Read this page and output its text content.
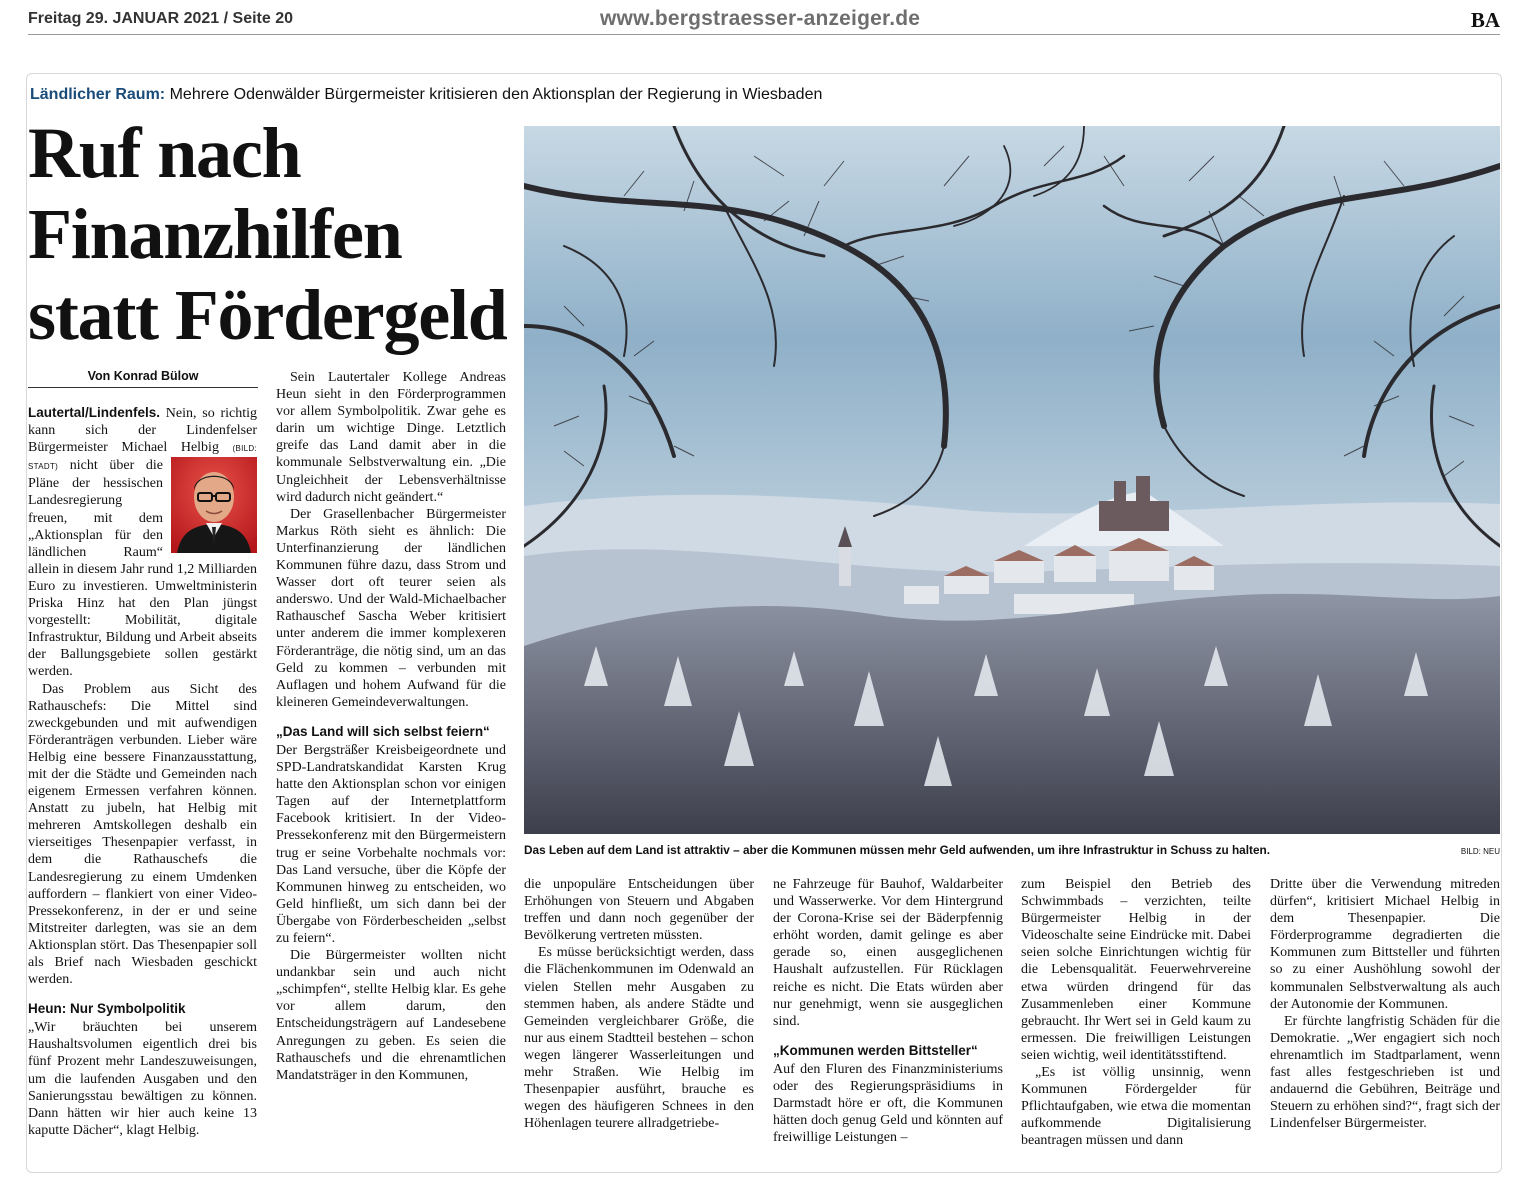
Freitag 29. JANUAR 2021 / Seite 20	www.bergstraesser-anzeiger.de	BA
Ländlicher Raum: Mehrere Odenwälder Bürgermeister kritisieren den Aktionsplan der Regierung in Wiesbaden
Ruf nach
Finanzhilfen
statt Fördergeld
Von Konrad Bülow

Lautertal/Lindenfels. Nein, so richtig kann sich der Lindenfelser Bürgermeister Michael Helbig (BILD: STADT) nicht über die Pläne der hessischen Landesregierung freuen, mit dem „Aktionsplan für den ländlichen Raum“ allein in diesem Jahr rund 1,2 Milliarden Euro zu investieren. Umweltministerin Priska Hinz hat den Plan jüngst vorgestellt: Mobilität, digitale Infrastruktur, Bildung und Arbeit abseits der Ballungsgebiete sollen gestärkt werden.

Das Problem aus Sicht des Rathauschefs: Die Mittel sind zweckgebunden und mit aufwendigen Förderanträgen verbunden. Lieber wäre Helbig eine bessere Finanzausstattung, mit der die Städte und Gemeinden nach eigenem Ermessen verfahren können. Anstatt zu jubeln, hat Helbig mit mehreren Amtskollegen deshalb ein vierseitiges Thesenpapier verfasst, in dem die Rathauschefs die Landesregierung zu einem Umdenken auffordern – flankiert von einer Video-Pressekonferenz, in der er und seine Mitstreiter darlegten, was sie an dem Aktionsplan stört. Das Thesenpapier soll als Brief nach Wiesbaden geschickt werden.

Heun: Nur Symbolpolitik

„Wir bräuchten bei unserem Haushaltsvolumen eigentlich drei bis fünf Prozent mehr Landeszuweisungen, um die laufenden Ausgaben und den Sanierungsstau bewältigen zu können. Dann hätten wir hier auch keine 13 kaputte Dächer“, klagt Helbig.

Sein Lautertaler Kollege Andreas Heun sieht in den Förderprogrammen vor allem Symbolpolitik. Zwar gehe es darin um wichtige Dinge. Letztlich greife das Land damit aber in die kommunale Selbstverwaltung ein. „Die Ungleichheit der Lebensverhältnisse wird dadurch nicht geändert.“

Der Grasellenbacher Bürgermeister Markus Röth sieht es ähnlich: Die Unterfinanzierung der ländlichen Kommunen führe dazu, dass Strom und Wasser dort oft teurer seien als anderswo. Und der Wald-Michaelbacher Rathauschef Sascha Weber kritisiert unter anderem die immer komplexeren Förderanträge, die nötig sind, um an das Geld zu kommen – verbunden mit Auflagen und hohem Aufwand für die kleineren Gemeindeverwaltungen.

„Das Land will sich selbst feiern“

Der Bergsträßer Kreisbeigeordnete und SPD-Landratskandidat Karsten Krug hatte den Aktionsplan schon vor einigen Tagen auf der Internetplattform Facebook kritisiert. In der Video-Pressekonferenz mit den Bürgermeistern trug er seine Vorbehalte nochmals vor: Das Land versuche, über die Köpfe der Kommunen hinweg zu entscheiden, wo Geld hinfließt, um sich dann bei der Übergabe von Förderbescheiden „selbst zu feiern“.

Die Bürgermeister wollten nicht undankbar sein und auch nicht „schimpfen“, stellte Helbig klar. Es gehe vor allem darum, den Entscheidungsträgern auf Landesebene Anregungen zu geben. Es seien die Rathauschefs und die ehrenamtlichen Mandatsträger in den Kommunen,

Das Leben auf dem Land ist attraktiv – aber die Kommunen müssen mehr Geld aufwenden, um ihre Infrastruktur in Schuss zu halten.	BILD: NEU

die unpopuläre Entscheidungen über Erhöhungen von Steuern und Abgaben treffen und dann noch gegenüber der Bevölkerung vertreten müssten.

Es müsse berücksichtigt werden, dass die Flächenkommunen im Odenwald an vielen Stellen mehr Ausgaben zu stemmen haben, als andere Städte und Gemeinden vergleichbarer Größe, die nur aus einem Stadtteil bestehen – schon wegen längerer Wasserleitungen und mehr Straßen. Wie Helbig im Thesenpapier ausführt, brauche es wegen des häufigeren Schnees in den Höhenlagen teurere allradgetriebe-

ne Fahrzeuge für Bauhof, Waldarbeiter und Wasserwerke. Vor dem Hintergrund der Corona-Krise sei der Bäderpfennig erhöht worden, damit gelinge es aber gerade so, einen ausgeglichenen Haushalt aufzustellen. Für Rücklagen reiche es nicht. Die Etats würden aber nur genehmigt, wenn sie ausgeglichen sind.

„Kommunen werden Bittsteller“

Auf den Fluren des Finanzministeriums oder des Regierungspräsidiums in Darmstadt höre er oft, die Kommunen hätten doch genug Geld und könnten auf freiwillige Leistungen –

zum Beispiel den Betrieb des Schwimmbads – verzichten, teilte Bürgermeister Helbig in der Videoschalte seine Eindrücke mit. Dabei seien solche Einrichtungen wichtig für die Lebensqualität. Feuerwehrvereine etwa würden dringend für das Zusammenleben einer Kommune gebraucht. Ihr Wert sei in Geld kaum zu ermessen. Die freiwilligen Leistungen seien wichtig, weil identitätsstiftend.

„Es ist völlig unsinnig, wenn Kommunen Fördergelder für Pflichtaufgaben, wie etwa die momentan aufkommende Digitalisierung beantragen müssen und dann

Dritte über die Verwendung mitreden dürfen“, kritisiert Michael Helbig in dem Thesenpapier. Die Förderprogramme degradierten die Kommunen zum Bittsteller und führten so zu einer Aushöhlung sowohl der kommunalen Selbstverwaltung als auch der Autonomie der Kommunen.

Er fürchte langfristig Schäden für die Demokratie. „Wer engagiert sich noch ehrenamtlich im Stadtparlament, wenn fast alles festgeschrieben ist und andauernd die Gebühren, Beiträge und Steuern zu erhöhen sind?“, fragt sich der Lindenfelser Bürgermeister.
